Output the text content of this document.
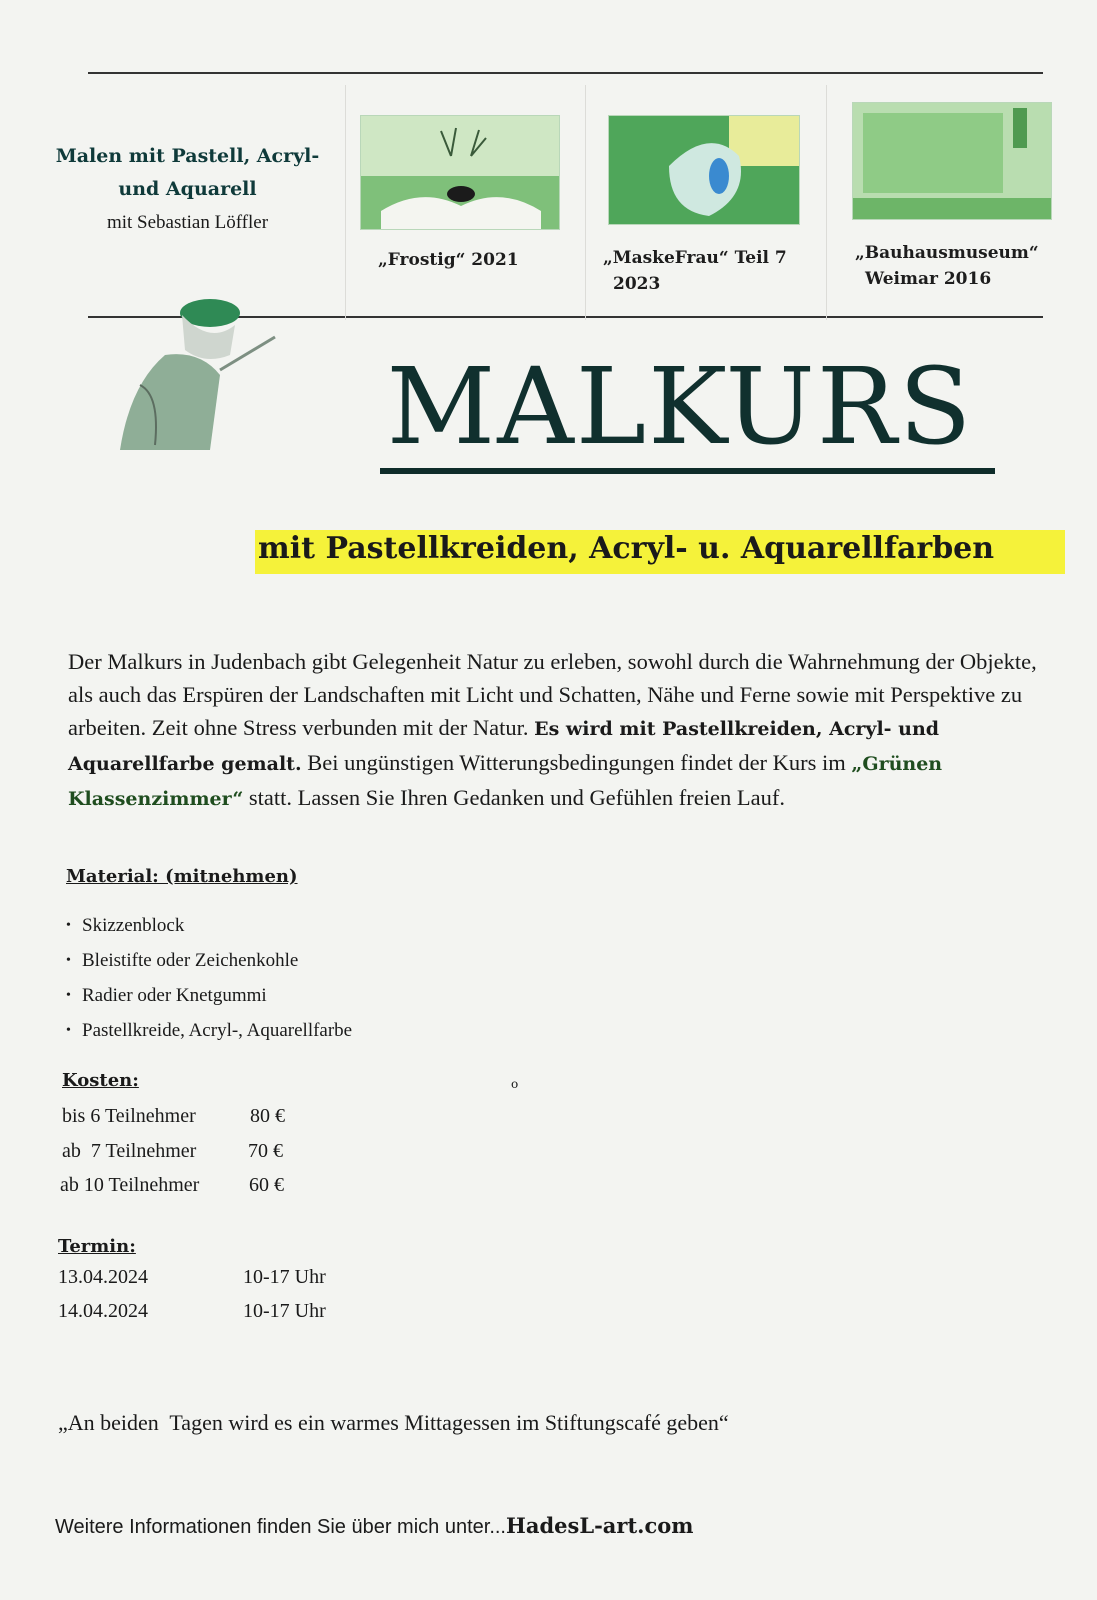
Malen mit Pastell, Acryl-
und Aquarell
mit Sebastian Löffler
„Frostig“ 2021	„MaskeFrau“ Teil 7
2023
„Bauhausmuseum“
Weimar 2016
MALKURS
mit Pastellkreiden, Acryl- u. Aquarellfarben
Der Malkurs in Judenbach gibt Gelegenheit Natur zu erleben, sowohl durch die Wahrnehmung der Objekte, als auch das Erspüren der Landschaften mit Licht und Schatten, Nähe und Ferne sowie mit Perspektive zu arbeiten. Zeit ohne Stress verbunden mit der Natur. Es wird mit Pastellkreiden, Acryl- und Aquarellfarbe gemalt. Bei ungünstigen Witterungsbedingungen findet der Kurs im „Grünen Klassenzimmer“ statt. Lassen Sie Ihren Gedanken und Gefühlen freien Lauf.
Material: (mitnehmen)
• Skizzenblock
• Bleistifte oder Zeichenkohle
• Radier oder Knetgummi
• Pastellkreide, Acryl-, Aquarellfarbe
o
Kosten:
bis 6 Teilnehmer	80 €
ab  7 Teilnehmer	70 €
ab 10 Teilnehmer 60 €
Termin:
13.04.2024	10-17 Uhr
14.04.2024	10-17 Uhr
„An beiden  Tagen wird es ein warmes Mittagessen im Stiftungscafé geben“
Weitere Informationen finden Sie über mich unter...HadesL-art.com
